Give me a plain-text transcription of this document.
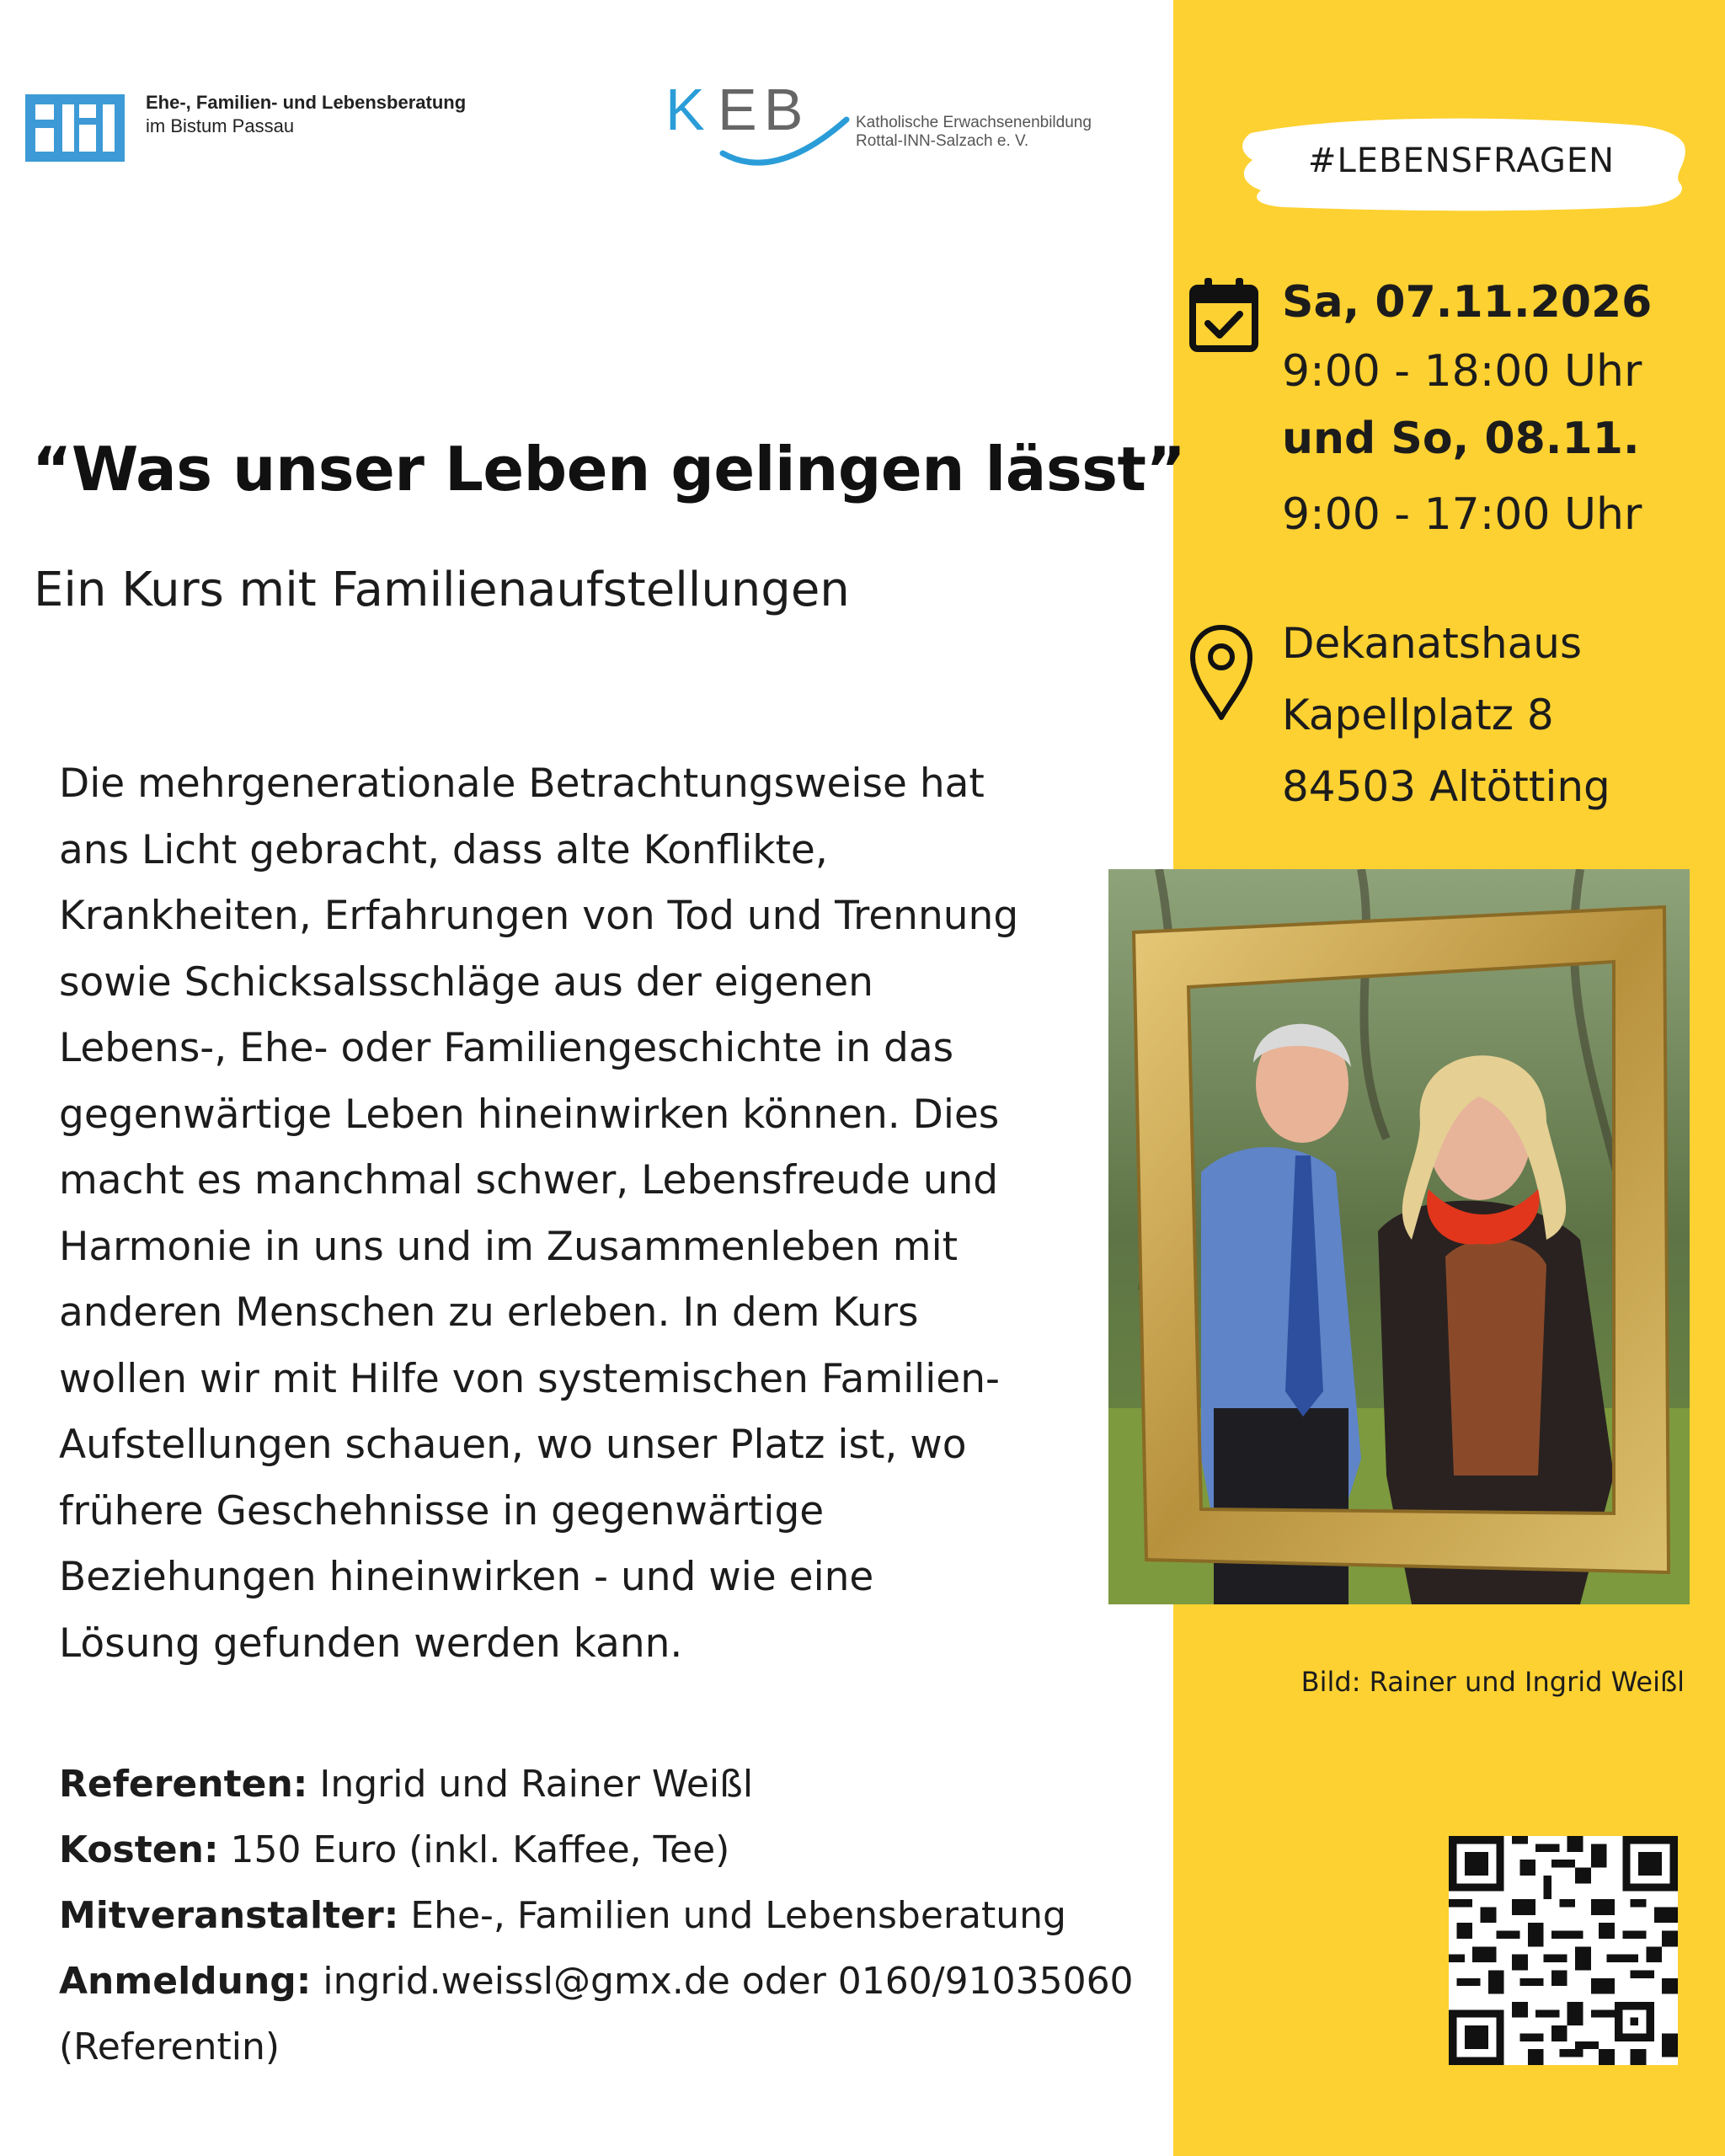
Ehe-, Familien- und Lebensberatung
im Bistum Passau	K EB	Katholische Erwachsenenbildung
Rottal-INN-Salzach e. V.
#LEBENSFRAGEN
Sa, 07.11.2026
9:00 - 18:00 Uhr
und So, 08.11.
9:00 - 17:00 Uhr
Dekanatshaus
Kapellplatz 8
84503 Altötting
Bild: Rainer und Ingrid Weißl
“Was unser Leben gelingen lässt”
Ein Kurs mit Familienaufstellungen
Die mehrgenerationale Betrachtungsweise hat
ans Licht gebracht, dass alte Konflikte,
Krankheiten, Erfahrungen von Tod und Trennung
sowie Schicksalsschläge aus der eigenen
Lebens-, Ehe- oder Familiengeschichte in das
gegenwärtige Leben hineinwirken können. Dies
macht es manchmal schwer, Lebensfreude und
Harmonie in uns und im Zusammenleben mit
anderen Menschen zu erleben. In dem Kurs
wollen wir mit Hilfe von systemischen Familien-
Aufstellungen schauen, wo unser Platz ist, wo
frühere Geschehnisse in gegenwärtige
Beziehungen hineinwirken - und wie eine
Lösung gefunden werden kann.
Referenten: Ingrid und Rainer Weißl
Kosten: 150 Euro (inkl. Kaffee, Tee)
Mitveranstalter: Ehe-, Familien und Lebensberatung
Anmeldung: ingrid.weissl@gmx.de oder 0160/91035060
(Referentin)
